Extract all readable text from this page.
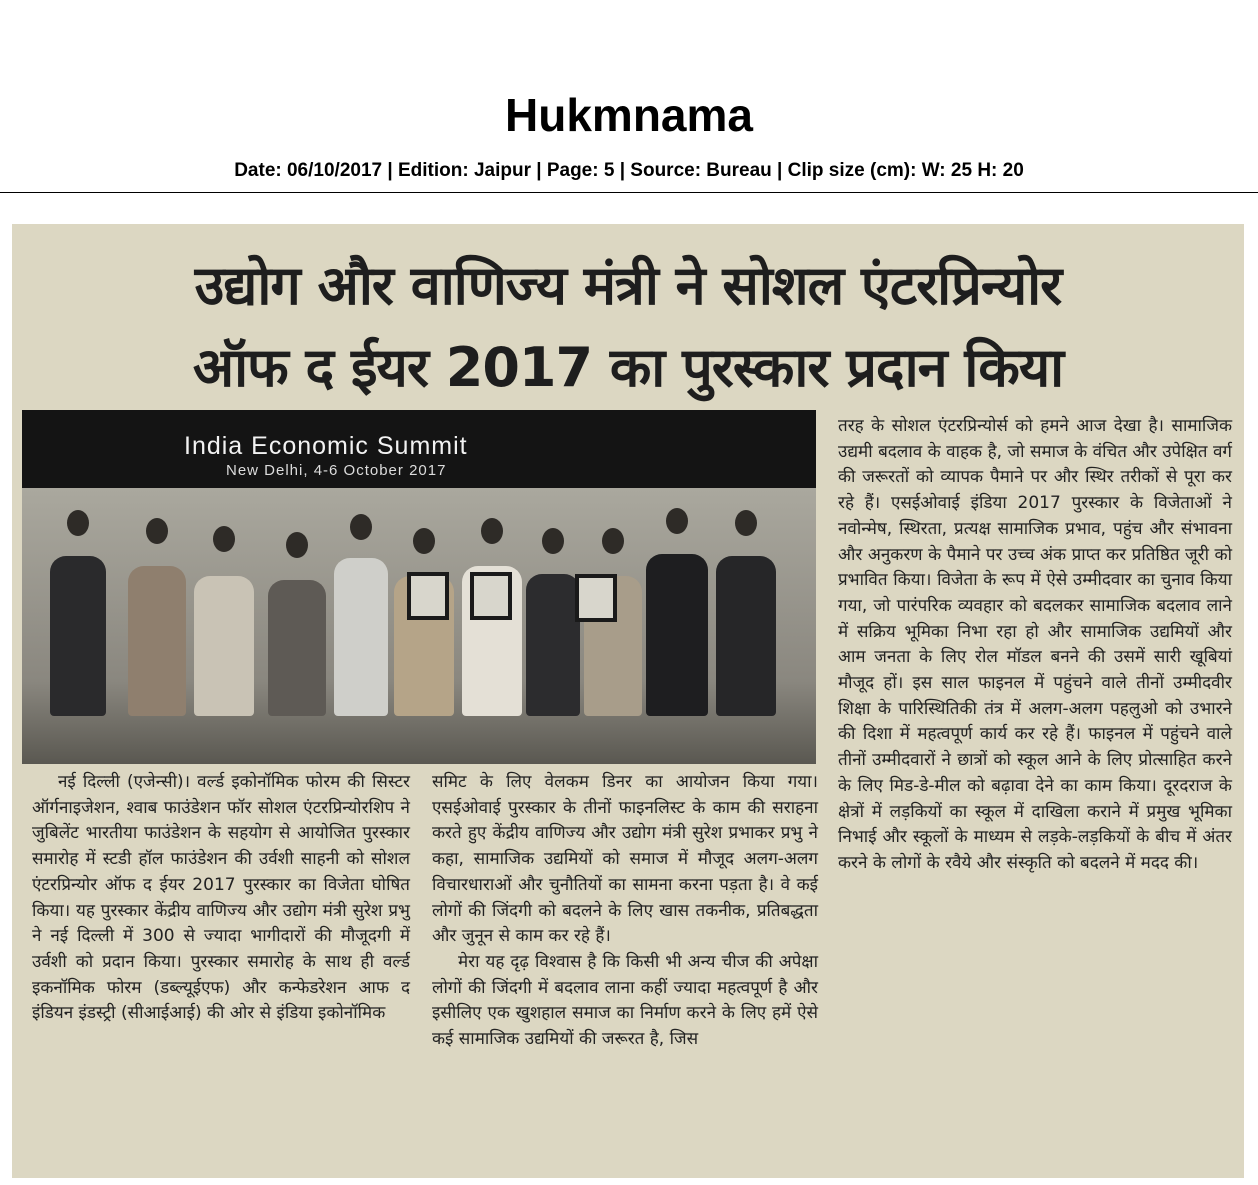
Hukmnama
Date: 06/10/2017 | Edition: Jaipur | Page: 5 | Source: Bureau | Clip size (cm): W: 25 H: 20
उद्योग और वाणिज्य मंत्री ने सोशल एंटरप्रिन्योर
ऑफ द ईयर 2017 का पुरस्कार प्रदान किया
India Economic Summit
New Delhi, 4-6 October 2017

नई दिल्ली (एजेन्सी)। वर्ल्ड इकोनॉमिक फोरम की सिस्टर ऑर्गनाइजेशन, श्वाब फाउंडेशन फॉर सोशल एंटरप्रिन्योरशिप ने जुबिलेंट भारतीया फाउंडेशन के सहयोग से आयोजित पुरस्कार समारोह में स्टडी हॉल फाउंडेशन की उर्वशी साहनी को सोशल एंटरप्रिन्योर ऑफ द ईयर 2017 पुरस्कार का विजेता घोषित किया। यह पुरस्कार केंद्रीय वाणिज्य और उद्योग मंत्री सुरेश प्रभु ने नई दिल्ली में 300 से ज्यादा भागीदारों की मौजूदगी में उर्वशी को प्रदान किया। पुरस्कार समारोह के साथ ही वर्ल्ड इकनॉमिक फोरम (डब्ल्यूईएफ) और कन्फेडरेशन आफ द इंडियन इंडस्ट्री (सीआईआई) की ओर से इंडिया इकोनॉमिक

समिट के लिए वेलकम डिनर का आयोजन किया गया। एसईओवाई पुरस्कार के तीनों फाइनलिस्ट के काम की सराहना करते हुए केंद्रीय वाणिज्य और उद्योग मंत्री सुरेश प्रभाकर प्रभु ने कहा, सामाजिक उद्यमियों को समाज में मौजूद अलग-अलग विचारधाराओं और चुनौतियों का सामना करना पड़ता है। वे कई लोगों की जिंदगी को बदलने के लिए खास तकनीक, प्रतिबद्धता और जुनून से काम कर रहे हैं।

मेरा यह दृढ़ विश्वास है कि किसी भी अन्य चीज की अपेक्षा लोगों की जिंदगी में बदलाव लाना कहीं ज्यादा महत्वपूर्ण है और इसीलिए एक खुशहाल समाज का निर्माण करने के लिए हमें ऐसे कई सामाजिक उद्यमियों की जरूरत है, जिस

तरह के सोशल एंटरप्रिन्योर्स को हमने आज देखा है। सामाजिक उद्यमी बदलाव के वाहक है, जो समाज के वंचित और उपेक्षित वर्ग की जरूरतों को व्यापक पैमाने पर और स्थिर तरीकों से पूरा कर रहे हैं। एसईओवाई इंडिया 2017 पुरस्कार के विजेताओं ने नवोन्मेष, स्थिरता, प्रत्यक्ष सामाजिक प्रभाव, पहुंच और संभावना और अनुकरण के पैमाने पर उच्च अंक प्राप्त कर प्रतिष्ठित जूरी को प्रभावित किया। विजेता के रूप में ऐसे उम्मीदवार का चुनाव किया गया, जो पारंपरिक व्यवहार को बदलकर सामाजिक बदलाव लाने में सक्रिय भूमिका निभा रहा हो और सामाजिक उद्यमियों और आम जनता के लिए रोल मॉडल बनने की उसमें सारी खूबियां मौजूद हों। इस साल फाइनल में पहुंचने वाले तीनों उम्मीदवीर शिक्षा के पारिस्थितिकी तंत्र में अलग-अलग पहलुओ को उभारने की दिशा में महत्वपूर्ण कार्य कर रहे हैं। फाइनल में पहुंचने वाले तीनों उम्मीदवारों ने छात्रों को स्कूल आने के लिए प्रोत्साहित करने के लिए मिड-डे-मील को बढ़ावा देने का काम किया। दूरदराज के क्षेत्रों में लड़कियों का स्कूल में दाखिला कराने में प्रमुख भूमिका निभाई और स्कूलों के माध्यम से लड़के-लड़कियों के बीच में अंतर करने के लोगों के रवैये और संस्कृति को बदलने में मदद की।
